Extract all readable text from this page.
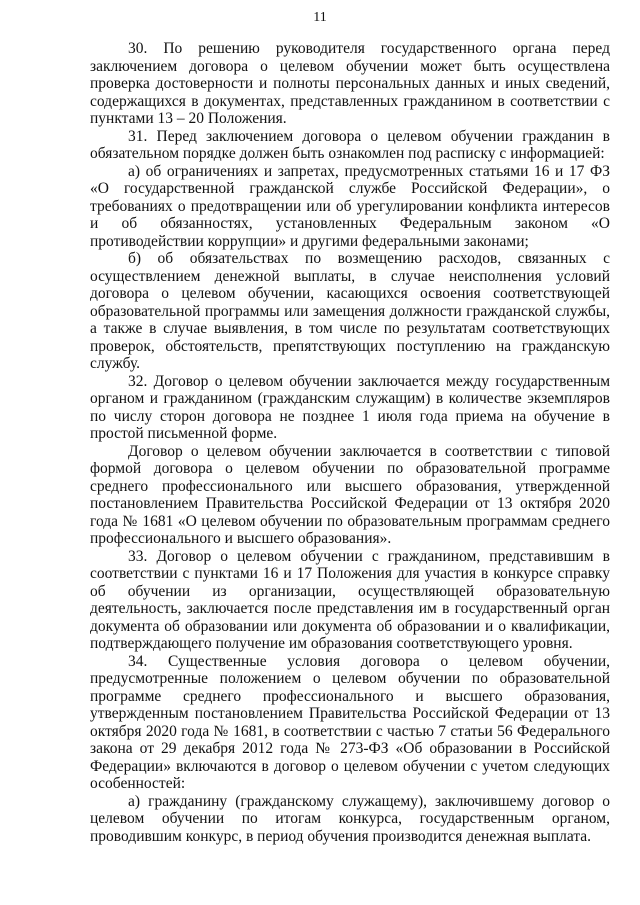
11

30. По решению руководителя государственного органа перед заключением договора о целевом обучении может быть осуществлена проверка достоверности и полноты персональных данных и иных сведений, содержащихся в документах, представленных гражданином в соответствии с пунктами 13 – 20 Положения.

31. Перед заключением договора о целевом обучении гражданин в обязательном порядке должен быть ознакомлен под расписку с информацией:

а) об ограничениях и запретах, предусмотренных статьями 16 и 17 ФЗ «О государственной гражданской службе Российской Федерации», о требованиях о предотвращении или об урегулировании конфликта интересов и об обязанностях, установленных Федеральным законом «О противодействии коррупции» и другими федеральными законами;

б) об обязательствах по возмещению расходов, связанных с осуществлением денежной выплаты, в случае неисполнения условий договора о целевом обучении, касающихся освоения соответствующей образовательной программы или замещения должности гражданской службы, а также в случае выявления, в том числе по результатам соответствующих проверок, обстоятельств, препятствующих поступлению на гражданскую службу.

32. Договор о целевом обучении заключается между государственным органом и гражданином (гражданским служащим) в количестве экземпляров по числу сторон договора не позднее 1 июля года приема на обучение в простой письменной форме.

Договор о целевом обучении заключается в соответствии с типовой формой договора о целевом обучении по образовательной программе среднего профессионального или высшего образования, утвержденной постановлением Правительства Российской Федерации от 13 октября 2020 года № 1681 «О целевом обучении по образовательным программам среднего профессионального и высшего образования».

33. Договор о целевом обучении с гражданином, представившим в соответствии с пунктами 16 и 17 Положения для участия в конкурсе справку об обучении из организации, осуществляющей образовательную деятельность, заключается после представления им в государственный орган документа об образовании или документа об образовании и о квалификации, подтверждающего получение им образования соответствующего уровня.

34. Существенные условия договора о целевом обучении, предусмотренные положением о целевом обучении по образовательной программе среднего профессионального и высшего образования, утвержденным постановлением Правительства Российской Федерации от 13 октября 2020 года № 1681, в соответствии с частью 7 статьи 56 Федерального закона от 29 декабря 2012 года № 273-ФЗ «Об образовании в Российской Федерации» включаются в договор о целевом обучении с учетом следующих особенностей:

а) гражданину (гражданскому служащему), заключившему договор о целевом обучении по итогам конкурса, государственным органом, проводившим конкурс, в период обучения производится денежная выплата.
